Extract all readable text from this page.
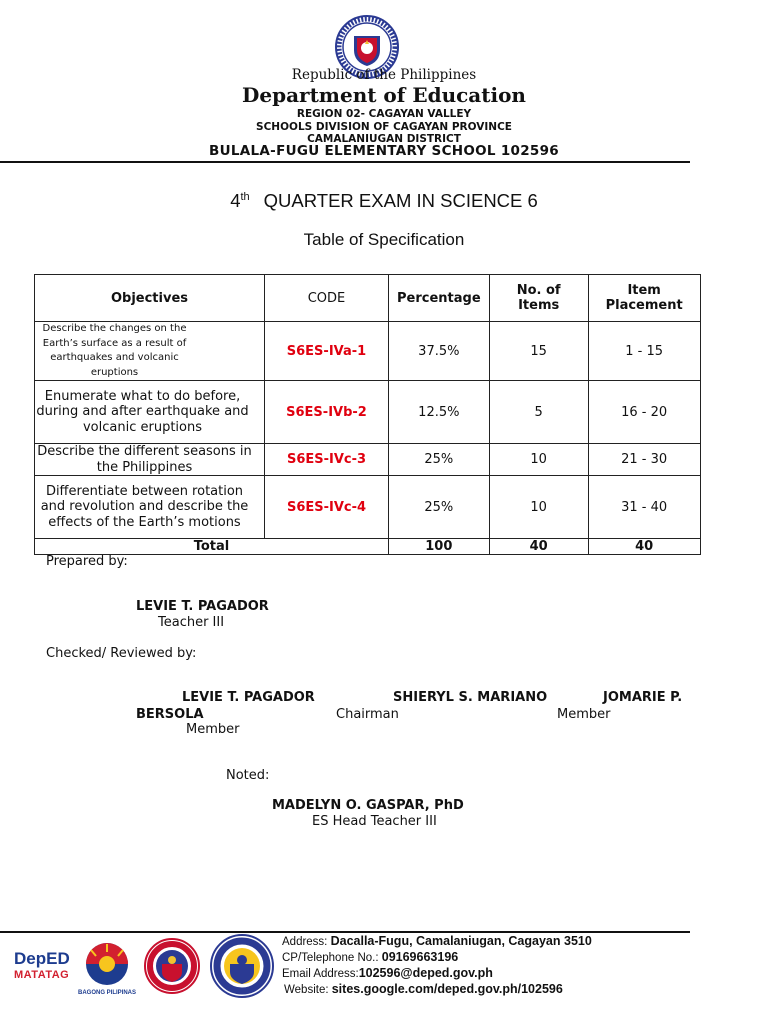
Republic of the Philippines
Department of Education
REGION 02- CAGAYAN VALLEY
SCHOOLS DIVISION OF CAGAYAN PROVINCE
CAMALANIUGAN DISTRICT
BULALA-FUGU ELEMENTARY SCHOOL 102596
4th QUARTER EXAM IN SCIENCE 6
Table of Specification
Objectives	CODE	Percentage	No. of Items	Item Placement
Describe the changes on the Earth’s surface as a result of earthquakes and volcanic eruptions	S6ES-IVa-1	37.5%	15	1 - 15
Enumerate what to do before, during and after earthquake and volcanic eruptions	S6ES-IVb-2	12.5%	5	16 - 20
Describe the different seasons in the Philippines	S6ES-IVc-3	25%	10	21 - 30
Differentiate between rotation and revolution and describe the effects of the Earth’s motions	S6ES-IVc-4	25%	10	31 - 40
Total		100	40	40
Prepared by:
LEVIE T. PAGADOR
Teacher III
Checked/ Reviewed by:
LEVIE T. PAGADOR	SHIERYL S. MARIANO	JOMARIE P.
BERSOLA	Chairman	Member
Member
Noted:
MADELYN O. GASPAR, PhD
ES Head Teacher III
DepED
MATATAG
BAGONG PILIPINAS
Address: Dacalla-Fugu, Camalaniugan, Cagayan 3510
CP/Telephone No.: 09169663196
Email Address:102596@deped.gov.ph
Website: sites.google.com/deped.gov.ph/102596
